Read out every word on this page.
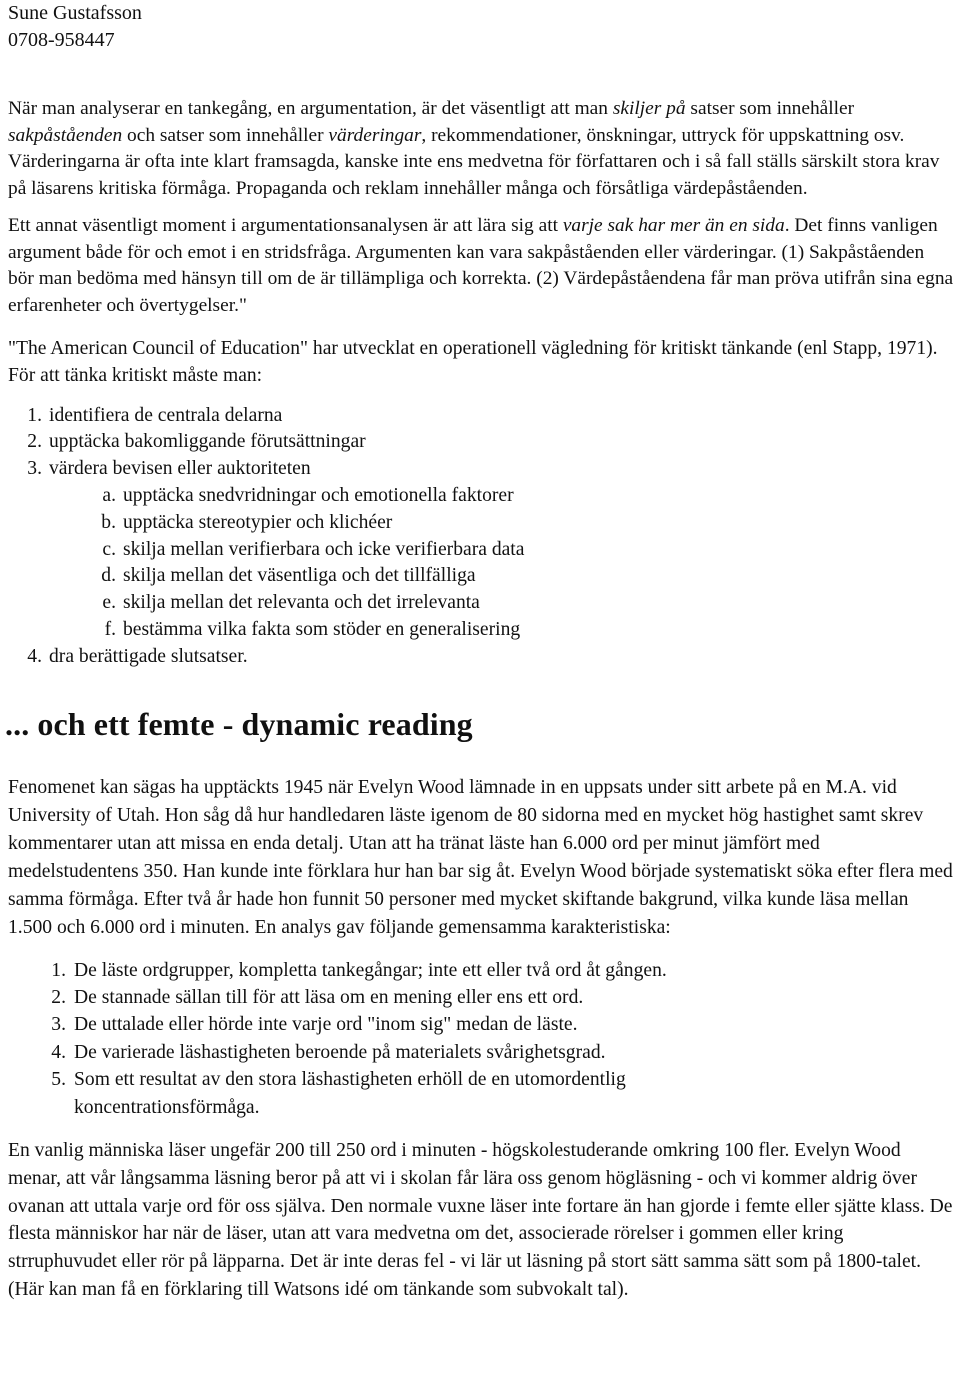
Sune Gustafsson
0708-958447

När man analyserar en tankegång, en argumentation, är det väsentligt att man skiljer på satser som innehåller sakpåståenden och satser som innehåller värderingar, rekommendationer, önskningar, uttryck för uppskattning osv. Värderingarna är ofta inte klart framsagda, kanske inte ens medvetna för författaren och i så fall ställs särskilt stora krav på läsarens kritiska förmåga. Propaganda och reklam innehåller många och försåtliga värdepåståenden.

Ett annat väsentligt moment i argumentationsanalysen är att lära sig att varje sak har mer än en sida. Det finns vanligen argument både för och emot i en stridsfråga. Argumenten kan vara sakpåståenden eller värderingar. (1) Sakpåståenden bör man bedöma med hänsyn till om de är tillämpliga och korrekta. (2) Värdepåståendena får man pröva utifrån sina egna erfarenheter och övertygelser."

"The American Council of Education" har utvecklat en operationell vägledning för kritiskt tänkande (enl Stapp, 1971). För att tänka kritiskt måste man:

1. identifiera de centrala delarna
2. upptäcka bakomliggande förutsättningar
3. värdera bevisen eller auktoriteten
a. upptäcka snedvridningar och emotionella faktorer
b. upptäcka stereotypier och klichéer
c. skilja mellan verifierbara och icke verifierbara data
d. skilja mellan det väsentliga och det tillfälliga
e. skilja mellan det relevanta och det irrelevanta
f. bestämma vilka fakta som stöder en generalisering
4. dra berättigade slutsatser.
... och ett femte - dynamic reading

Fenomenet kan sägas ha upptäckts 1945 när Evelyn Wood lämnade in en uppsats under sitt arbete på en M.A. vid University of Utah. Hon såg då hur handledaren läste igenom de 80 sidorna med en mycket hög hastighet samt skrev kommentarer utan att missa en enda detalj. Utan att ha tränat läste han 6.000 ord per minut jämfört med medelstudentens 350. Han kunde inte förklara hur han bar sig åt. Evelyn Wood började systematiskt söka efter flera med samma förmåga. Efter två år hade hon funnit 50 personer med mycket skiftande bakgrund, vilka kunde läsa mellan 1.500 och 6.000 ord i minuten. En analys gav följande gemensamma karakteristiska:

1. De läste ordgrupper, kompletta tankegångar; inte ett eller två ord åt gången.
2. De stannade sällan till för att läsa om en mening eller ens ett ord.
3. De uttalade eller hörde inte varje ord "inom sig" medan de läste.
4. De varierade läshastigheten beroende på materialets svårighetsgrad.
5. Som ett resultat av den stora läshastigheten erhöll de en utomordentlig koncentrationsförmåga.

En vanlig människa läser ungefär 200 till 250 ord i minuten - högskolestuderande omkring 100 fler. Evelyn Wood menar, att vår långsamma läsning beror på att vi i skolan får lära oss genom högläsning - och vi kommer aldrig över ovanan att uttala varje ord för oss själva. Den normale vuxne läser inte fortare än han gjorde i femte eller sjätte klass. De flesta människor har när de läser, utan att vara medvetna om det, associerade rörelser i gommen eller kring strruphuvudet eller rör på läpparna. Det är inte deras fel - vi lär ut läsning på stort sätt samma sätt som på 1800-talet. (Här kan man få en förklaring till Watsons idé om tänkande som subvokalt tal).
